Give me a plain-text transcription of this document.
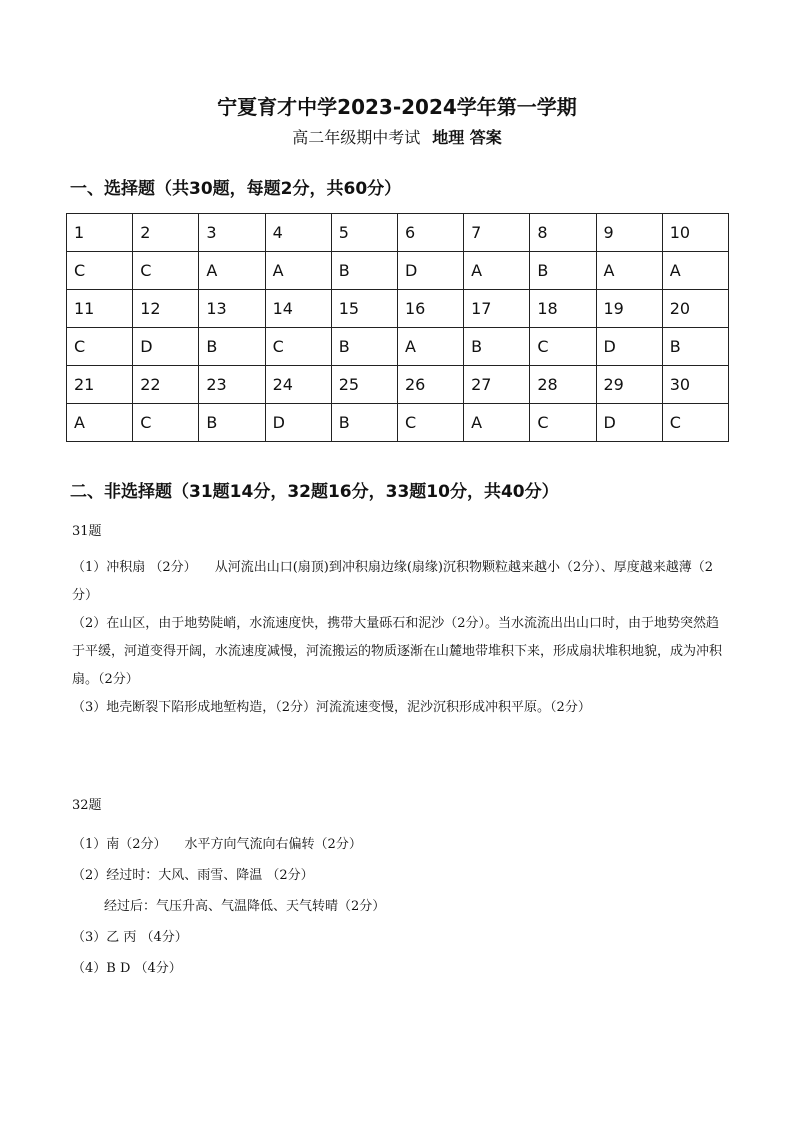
宁夏育才中学2023-2024学年第一学期
高二年级期中考试 地理 答案
一、选择题（共30题，每题2分，共60分）
1	2	3	4	5	6	7	8	9	10
C	C	A	A	B	D	A	B	A	A
11	12	13	14	15	16	17	18	19	20
C	D	B	C	B	A	B	C	D	B
21	22	23	24	25	26	27	28	29	30
A	C	B	D	B	C	A	C	D	C
二、非选择题（31题14分，32题16分，33题10分，共40分）
31题

（1）冲积扇 （2分） 从河流出山口(扇顶)到冲积扇边缘(扇缘)沉积物颗粒越来越小（2分）、厚度越来越薄（2分）

（2）在山区，由于地势陡峭，水流速度快，携带大量砾石和泥沙（2分）。当水流流出出山口时，由于地势突然趋于平缓，河道变得开阔，水流速度减慢，河流搬运的物质逐渐在山麓地带堆积下来，形成扇状堆积地貌，成为冲积扇。（2分）

（3）地壳断裂下陷形成地堑构造，（2分）河流流速变慢，泥沙沉积形成冲积平原。（2分）

32题

（1）南（2分） 水平方向气流向右偏转（2分）

（2）经过时：大风、雨雪、降温 （2分）

经过后：气压升高、气温降低、天气转晴（2分）

（3）乙 丙 （4分）

（4）B D （4分）
